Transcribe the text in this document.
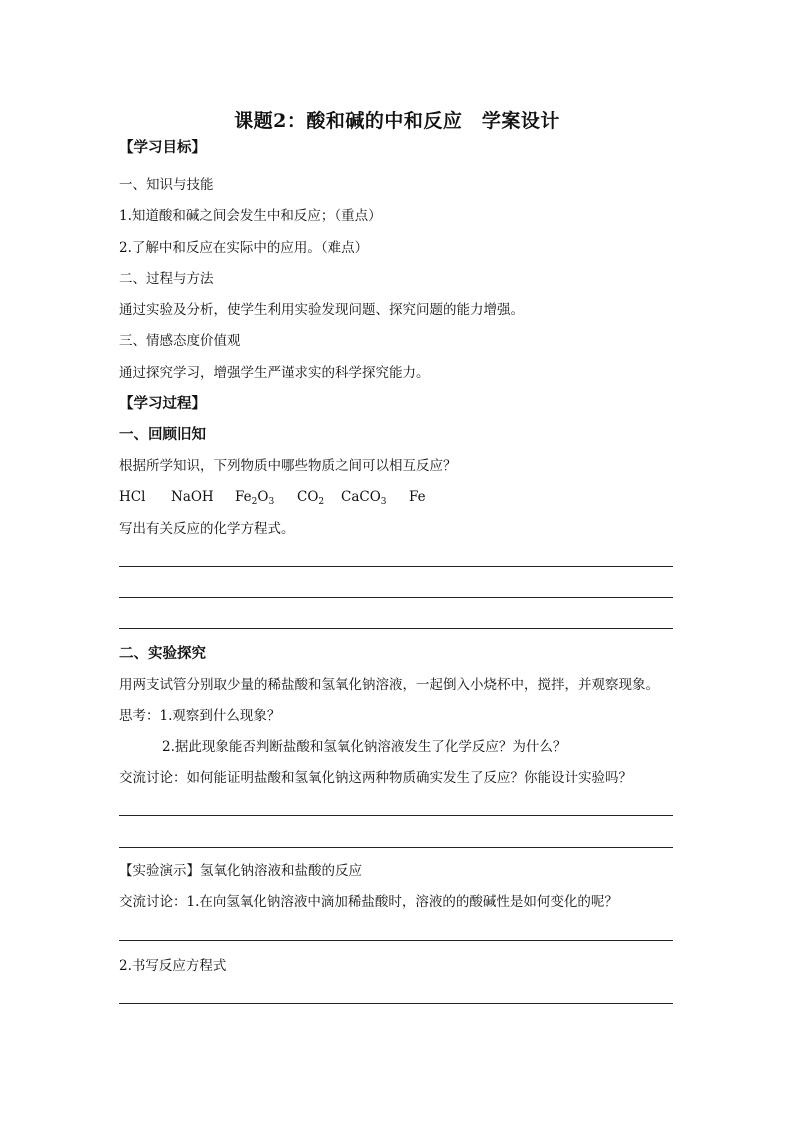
课题2：酸和碱的中和反应　学案设计
【学习目标】
一、知识与技能
1.知道酸和碱之间会发生中和反应；（重点）
2.了解中和反应在实际中的应用。（难点）
二、过程与方法
通过实验及分析，使学生利用实验发现问题、探究问题的能力增强。
三、情感态度价值观
通过探究学习，增强学生严谨求实的科学探究能力。
【学习过程】
一、回顾旧知
根据所学知识，下列物质中哪些物质之间可以相互反应？
HCl NaOH $Fe_2O_3$ $CO_2$ CaCO$_3$ Fe
写出有关反应的化学方程式。
二、实验探究
用两支试管分别取少量的稀盐酸和氢氧化钠溶液，一起倒入小烧杯中，搅拌，并观察现象。
思考：1.观察到什么现象？
2.据此现象能否判断盐酸和氢氧化钠溶液发生了化学反应？为什么？
交流讨论：如何能证明盐酸和氢氧化钠这两种物质确实发生了反应？你能设计实验吗？
【实验演示】氢氧化钠溶液和盐酸的反应
交流讨论：1.在向氢氧化钠溶液中滴加稀盐酸时，溶液的的酸碱性是如何变化的呢？
2.书写反应方程式
